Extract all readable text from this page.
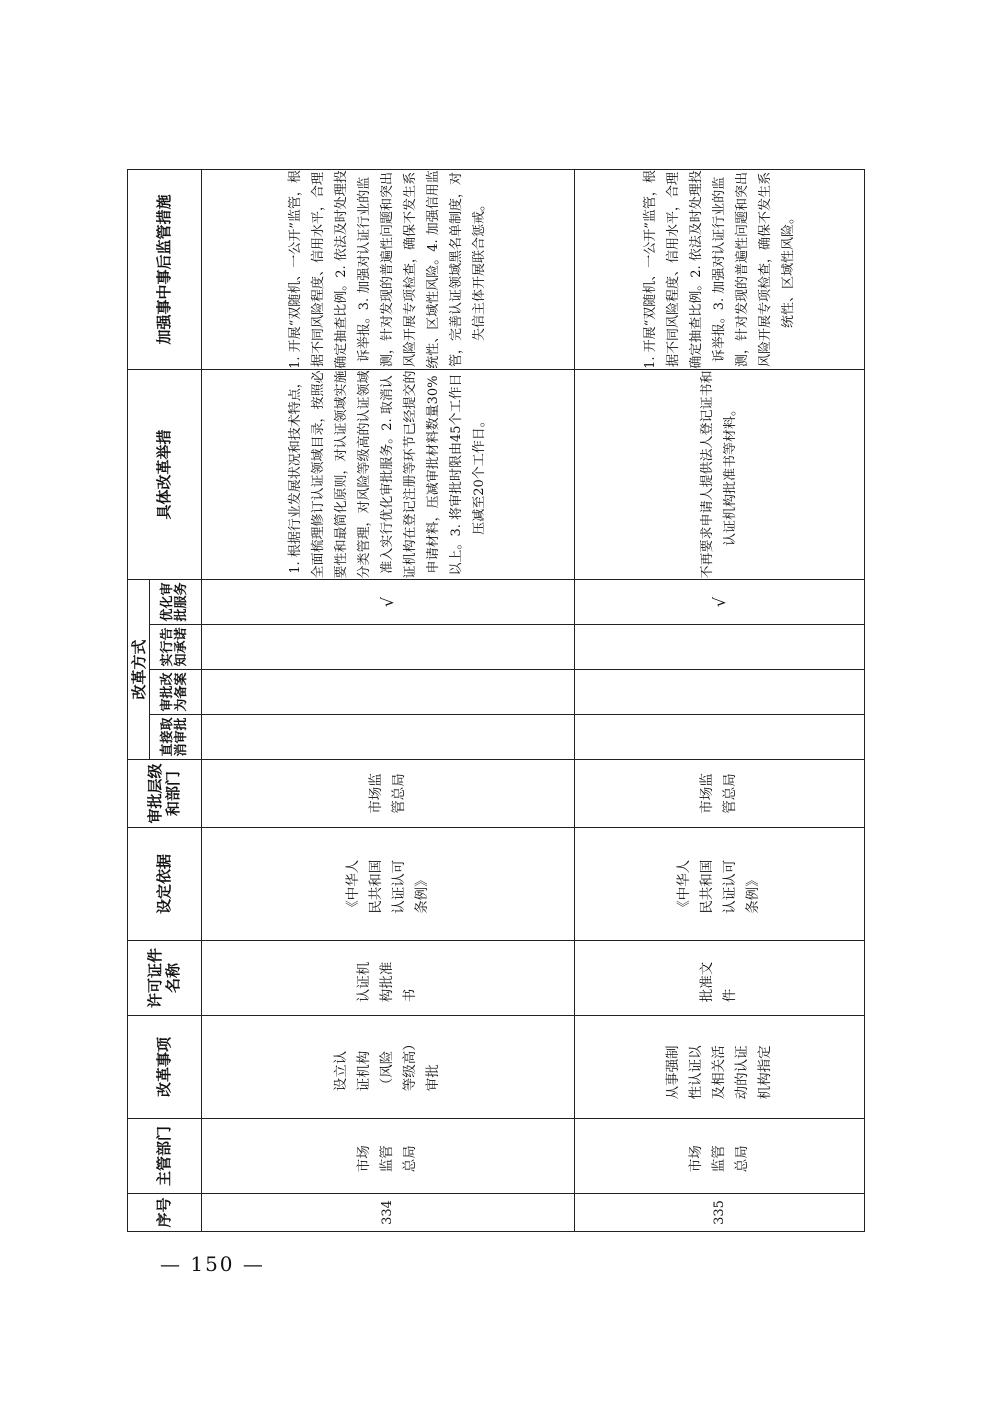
序号	主管部门	改革事项	许可证件名称	设定依据	审批层级和部门	改革方式				具体改革举措	加强事中事后监管措施
						直接取消审批	审批改为备案	实行告知承诺	优化审批服务		
334	市场监管总局	设立认证机构（风险等级高）审批	认证机构批准书	《中华人民共和国认证认可条例》	市场监管总局				√	1. 根据行业发展状况和技术特点，全面梳理修订认证领域目录，按照必要性和最简化原则，对认证领域实施分类管理，对风险等级高的认证领域准入实行优化审批服务。2. 取消认证机构在登记注册等环节已经提交的申请材料，压减审批材料数量30%以上。3. 将审批时限由45个工作日压减至20个工作日。	1. 开展“双随机、一公开”监管，根据不同风险程度、信用水平，合理确定抽查比例。2. 依法及时处理投诉举报。3. 加强对认证行业的监测，针对发现的普遍性问题和突出风险开展专项检查，确保不发生系统性、区域性风险。4. 加强信用监管，完善认证领域黑名单制度，对失信主体开展联合惩戒。
335	市场监管总局	从事强制性认证以及相关活动的认证机构指定	批准文件	《中华人民共和国认证认可条例》	市场监管总局				√	不再要求申请人提供法人登记证书和认证机构批准书等材料。	1. 开展“双随机、一公开”监管，根据不同风险程度、信用水平，合理确定抽查比例。2. 依法及时处理投诉举报。3. 加强对认证行业的监测，针对发现的普遍性问题和突出风险开展专项检查，确保不发生系统性、区域性风险。
— 150 —
